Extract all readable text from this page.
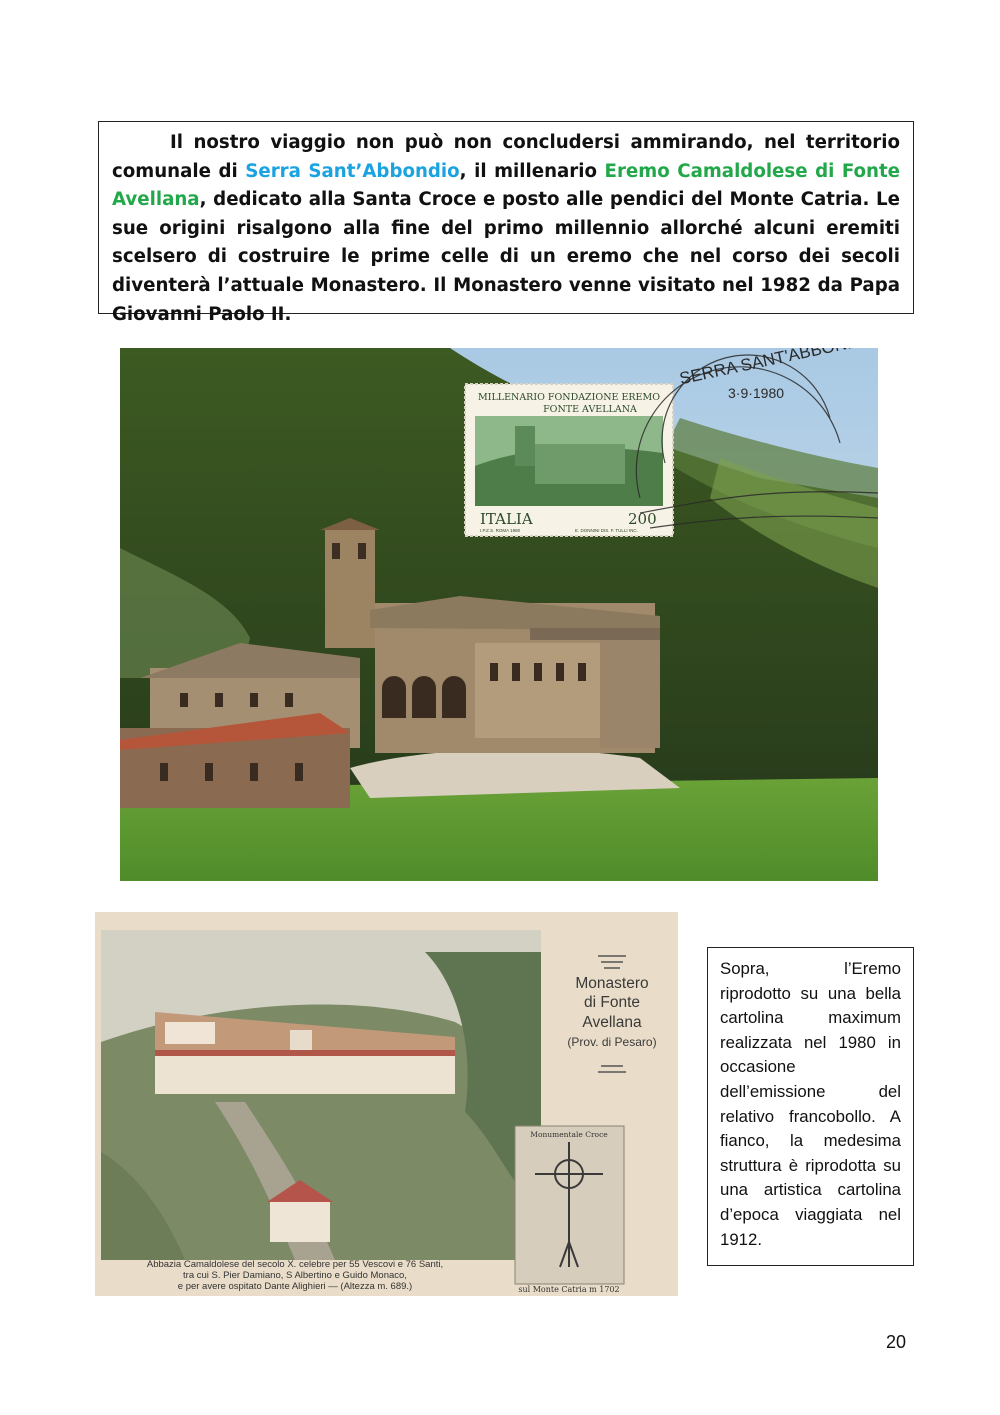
Il nostro viaggio non può non concludersi ammirando, nel territorio comunale di Serra Sant’Abbondio, il millenario Eremo Camaldolese di Fonte Avellana, dedicato alla Santa Croce e posto alle pendici del Monte Catria. Le sue origini risalgono alla fine del primo millennio allorché alcuni eremiti scelsero di costruire le prime celle di un eremo che nel corso dei secoli diventerà l’attuale Monastero. Il Monastero venne visitato nel 1982 da Papa Giovanni Paolo II.

MILLENARIO FONDAZIONE EREMO
FONTE AVELLANA
ITALIA	200
I.P.Z.S. ROMA 1980	E. DONNINI DIS. F. TULLI INC.
3·9·1980
Monastero
di Fonte
Avellana
(Prov. di Pesaro)
Monumentale Croce
sul Monte Catria m 1702
Abbazia Camaldolese del secolo X. celebre per 55 Vescovi e 76 Santi,
tra cui S. Pier Damiano, S Albertino e Guido Monaco,
e per avere ospitato Dante Alighieri — (Altezza m. 689.)

Sopra, l’Eremo riprodotto su una bella cartolina maximum realizzata nel 1980 in occasione dell’emissione del relativo francobollo. A fianco, la medesima struttura è riprodotta su una artistica cartolina d’epoca viaggiata nel 1912.

20
